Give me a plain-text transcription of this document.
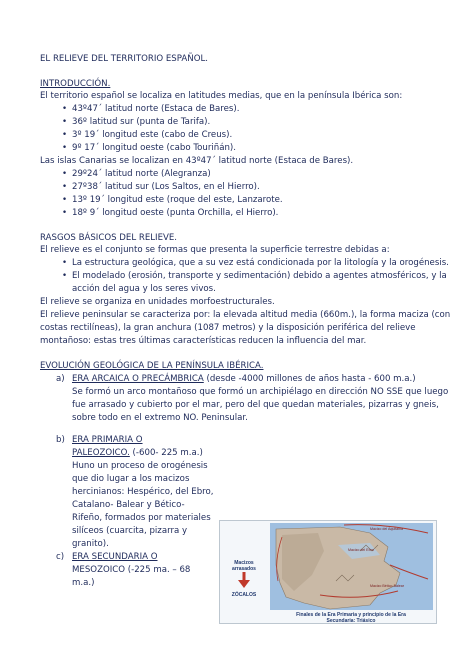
EL RELIEVE DEL TERRITORIO ESPAÑOL.
INTRODUCCIÓN.
El territorio español se localiza en latitudes medias, que en la península Ibérica son:
• 43º47´ latitud norte (Estaca de Bares).
• 36º latitud sur (punta de Tarifa).
• 3º 19´ longitud este (cabo de Creus).
• 9º 17´ longitud oeste (cabo Touriñán).
Las islas Canarias se localizan en 43º47´ latitud norte (Estaca de Bares).
• 29º24´ latitud norte (Alegranza)
• 27º38´ latitud sur (Los Saltos, en el Hierro).
• 13º 19´ longitud este (roque del este, Lanzarote.
• 18º 9´ longitud oeste (punta Orchilla, el Hierro).
RASGOS BÁSICOS DEL RELIEVE.
El relieve es el conjunto se formas que presenta la superficie terrestre debidas a:
• La estructura geológica, que a su vez está condicionada por la litología y la orogénesis.
• El modelado (erosión, transporte y sedimentación) debido a agentes atmosféricos, y la
acción del agua y los seres vivos.
El relieve se organiza en unidades morfoestructurales.
El relieve peninsular se caracteriza por: la elevada altitud media (660m.), la forma maciza (con
costas rectilíneas), la gran anchura (1087 metros) y la disposición periférica del relieve
montañoso: estas tres últimas características reducen la influencia del mar.
EVOLUCIÓN GEOLÓGICA DE LA PENÍNSULA IBÉRICA.
a) ERA ARCAICA O PRECÁMBRICA (desde -4000 millones de años hasta - 600 m.a.)
Se formó un arco montañoso que formó un archipiélago en dirección NO SSE que luego
fue arrasado y cubierto por el mar, pero del que quedan materiales, pizarras y gneis,
sobre todo en el extremo NO. Peninsular.
b) ERA PRIMARIA O
PALEOZOICO. (-600- 225 m.a.)
Huno un proceso de orogénesis
que dio lugar a los macizos
hercinianos: Hespérico, del Ebro,
Catalano- Balear y Bético-
Rifeño, formados por materiales
silíceos (cuarcita, pizarra y
granito).
c) ERA SECUNDARIA O
MESOZOICO (-225 ma. – 68
m.a.)
Macizo del Aquitania
Macizo del Ebro
Macizo Bético-Balear
Macizos
arrasados
ZÓCALOS
Finales de la Era Primaria y principio de la Era
Secundaria: Triásico
